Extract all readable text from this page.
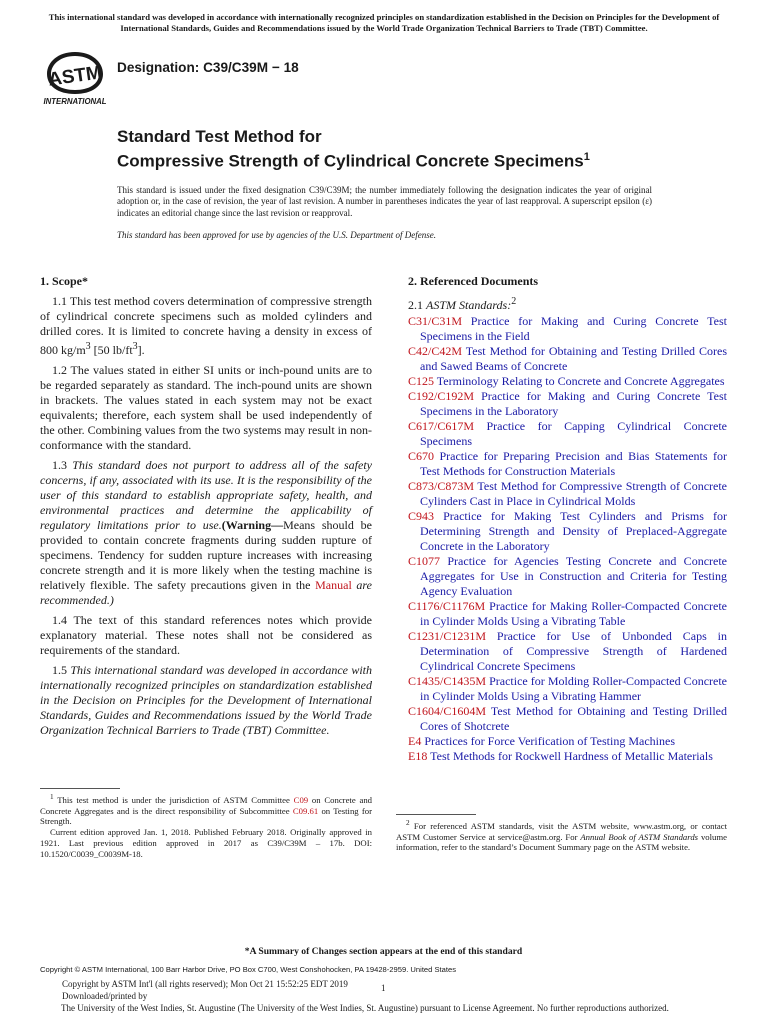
This international standard was developed in accordance with internationally recognized principles on standardization established in the Decision on Principles for the Development of International Standards, Guides and Recommendations issued by the World Trade Organization Technical Barriers to Trade (TBT) Committee.
ASTM
INTERNATIONAL
Designation: C39/C39M − 18
Standard Test Method for
Compressive Strength of Cylindrical Concrete Specimens$^1$
This standard is issued under the fixed designation C39/C39M; the number immediately following the designation indicates the year of original adoption or, in the case of revision, the year of last revision. A number in parentheses indicates the year of last reapproval. A superscript epsilon (ε) indicates an editorial change since the last revision or reapproval.
This standard has been approved for use by agencies of the U.S. Department of Defense.
1. Scope*

1.1 This test method covers determination of compressive strength of cylindrical concrete specimens such as molded cylinders and drilled cores. It is limited to concrete having a density in excess of 800 $kg/m^3$ [50 $lb/ft^3$].

1.2 The values stated in either SI units or inch-pound units are to be regarded separately as standard. The inch-pound units are shown in brackets. The values stated in each system may not be exact equivalents; therefore, each system shall be used independently of the other. Combining values from the two systems may result in non-conformance with the standard.

1.3 This standard does not purport to address all of the safety concerns, if any, associated with its use. It is the responsibility of the user of this standard to establish appropriate safety, health, and environmental practices and determine the applicability of regulatory limitations prior to use.(Warning—Means should be provided to contain concrete fragments during sudden rupture of specimens. Tendency for sudden rupture increases with increasing concrete strength and it is more likely when the testing machine is relatively flexible. The safety precautions given in the Manual are recommended.)

1.4 The text of this standard references notes which provide explanatory material. These notes shall not be considered as requirements of the standard.

1.5 This international standard was developed in accordance with internationally recognized principles on standardization established in the Decision on Principles for the Development of International Standards, Guides and Recommendations issued by the World Trade Organization Technical Barriers to Trade (TBT) Committee.

2. Referenced Documents

2.1 ASTM Standards:$^2$

C31/C31M Practice for Making and Curing Concrete Test Specimens in the Field

C42/C42M Test Method for Obtaining and Testing Drilled Cores and Sawed Beams of Concrete

C125 Terminology Relating to Concrete and Concrete Aggregates

C192/C192M Practice for Making and Curing Concrete Test Specimens in the Laboratory

C617/C617M Practice for Capping Cylindrical Concrete Specimens

C670 Practice for Preparing Precision and Bias Statements for Test Methods for Construction Materials

C873/C873M Test Method for Compressive Strength of Concrete Cylinders Cast in Place in Cylindrical Molds

C943 Practice for Making Test Cylinders and Prisms for Determining Strength and Density of Preplaced-Aggregate Concrete in the Laboratory

C1077 Practice for Agencies Testing Concrete and Concrete Aggregates for Use in Construction and Criteria for Testing Agency Evaluation

C1176/C1176M Practice for Making Roller-Compacted Concrete in Cylinder Molds Using a Vibrating Table

C1231/C1231M Practice for Use of Unbonded Caps in Determination of Compressive Strength of Hardened Cylindrical Concrete Specimens

C1435/C1435M Practice for Molding Roller-Compacted Concrete in Cylinder Molds Using a Vibrating Hammer

C1604/C1604M Test Method for Obtaining and Testing Drilled Cores of Shotcrete

E4 Practices for Force Verification of Testing Machines

E18 Test Methods for Rockwell Hardness of Metallic Materials

$^1$ This test method is under the jurisdiction of ASTM Committee C09 on Concrete and Concrete Aggregates and is the direct responsibility of Subcommittee C09.61 on Testing for Strength.

Current edition approved Jan. 1, 2018. Published February 2018. Originally approved in 1921. Last previous edition approved in 2017 as C39/C39M – 17b. DOI: 10.1520/C0039_C0039M-18.

$^2$ For referenced ASTM standards, visit the ASTM website, www.astm.org, or contact ASTM Customer Service at service@astm.org. For Annual Book of ASTM Standards volume information, refer to the standard’s Document Summary page on the ASTM website.

*A Summary of Changes section appears at the end of this standard
Copyright © ASTM International, 100 Barr Harbor Drive, PO Box C700, West Conshohocken, PA 19428-2959. United States
Copyright by ASTM Int'l (all rights reserved); Mon Oct 21 15:52:25 EDT 2019
Downloaded/printed by
The University of the West Indies, St. Augustine (The University of the West Indies, St. Augustine) pursuant to License Agreement. No further reproductions authorized.
1
